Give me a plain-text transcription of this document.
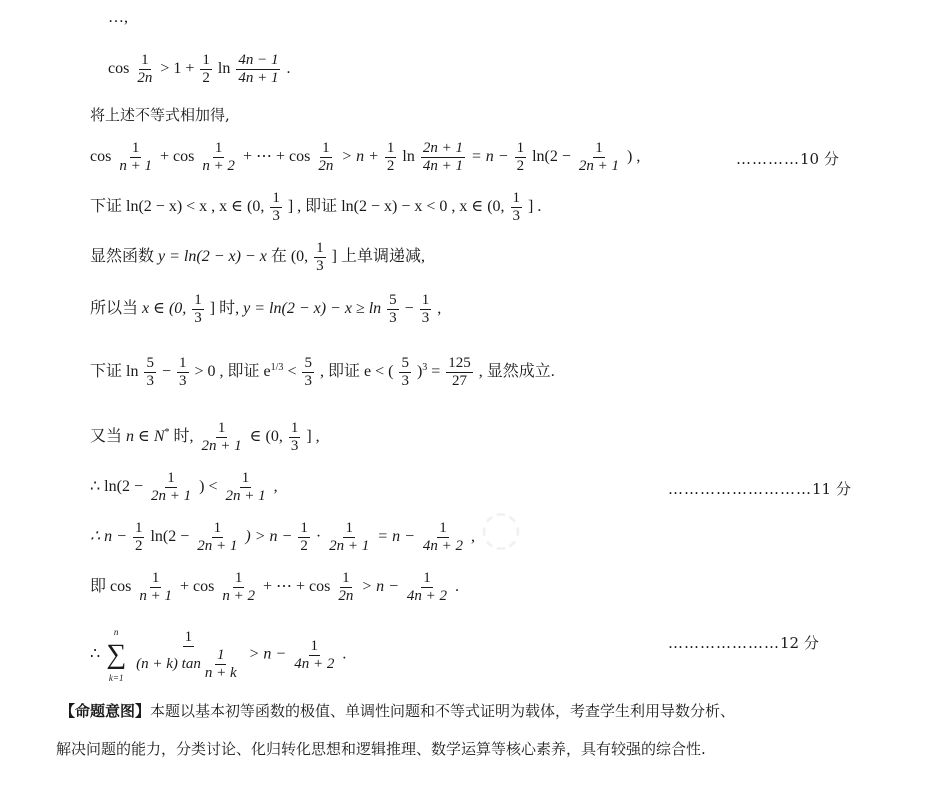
◌
…,
$\cos \frac{1}{2n} > 1 + \frac{1}{2}$ $\ln \frac{4n - 1}{4n + 1}$ .
将上述不等式相加得,
$\cos \frac{1}{n + 1} + \cos \frac{1}{n + 2}$ + ⋯ + $\cos \frac{1}{2n} > n + \frac{1}{2}$ $\ln \frac{2n + 1}{4n + 1} = n - \frac{1}{2} \ln(2 - \frac{1}{2n + 1}$ ) ,	…………10 分
下证 ln(2 − x) < x , x ∈ (0, $\frac{1}{3}$ ] , 即证 ln(2 − x) − x < 0 , x ∈ (0, $\frac{1}{3}$ ] .
显然函数 y = ln(2 − x) − x 在 (0, $\frac{1}{3}$ ] 上单调递减,
所以当 x ∈ (0, $\frac{1}{3}$ ] 时, $y = \ln(2 - x) - x \ge \ln \frac{5}{3} - \frac{1}{3}$ ,
下证 $\ln \frac{5}{3} - \frac{1}{3} > 0$ , 即证 $e^{1/3} < \frac{5}{3}$ , 即证 e < ( $\frac{5}{3} )^3 = \frac{125}{27}$ , 显然成立.
又当 n ∈ N* 时, $\frac{1}{2n + 1}$ ∈ (0, $\frac{1}{3}$ ] ,
∴ $\ln(2 - \frac{1}{2n + 1}$ ) < $\frac{1}{2n + 1}$ ,	………………………11 分
∴ $n - \frac{1}{2} \ln(2 - \frac{1}{2n + 1}$ ) > $n - \frac{1}{2} \cdot \frac{1}{2n + 1} = n - \frac{1}{4n + 2}$ ,
即 $\cos \frac{1}{n + 1} + \cos \frac{1}{n + 2}$ + ⋯ + $\cos \frac{1}{2n} > n - \frac{1}{4n + 2}$ .
∴
n
∑
k=1
$\frac{1}{(n + k) \tan \frac{1}{n + k}} > n - \frac{1}{4n + 2}$ .
…………………12 分
【命题意图】本题以基本初等函数的极值、单调性问题和不等式证明为载体，考查学生利用导数分析、
解决问题的能力，分类讨论、化归转化思想和逻辑推理、数学运算等核心素养，具有较强的综合性.
